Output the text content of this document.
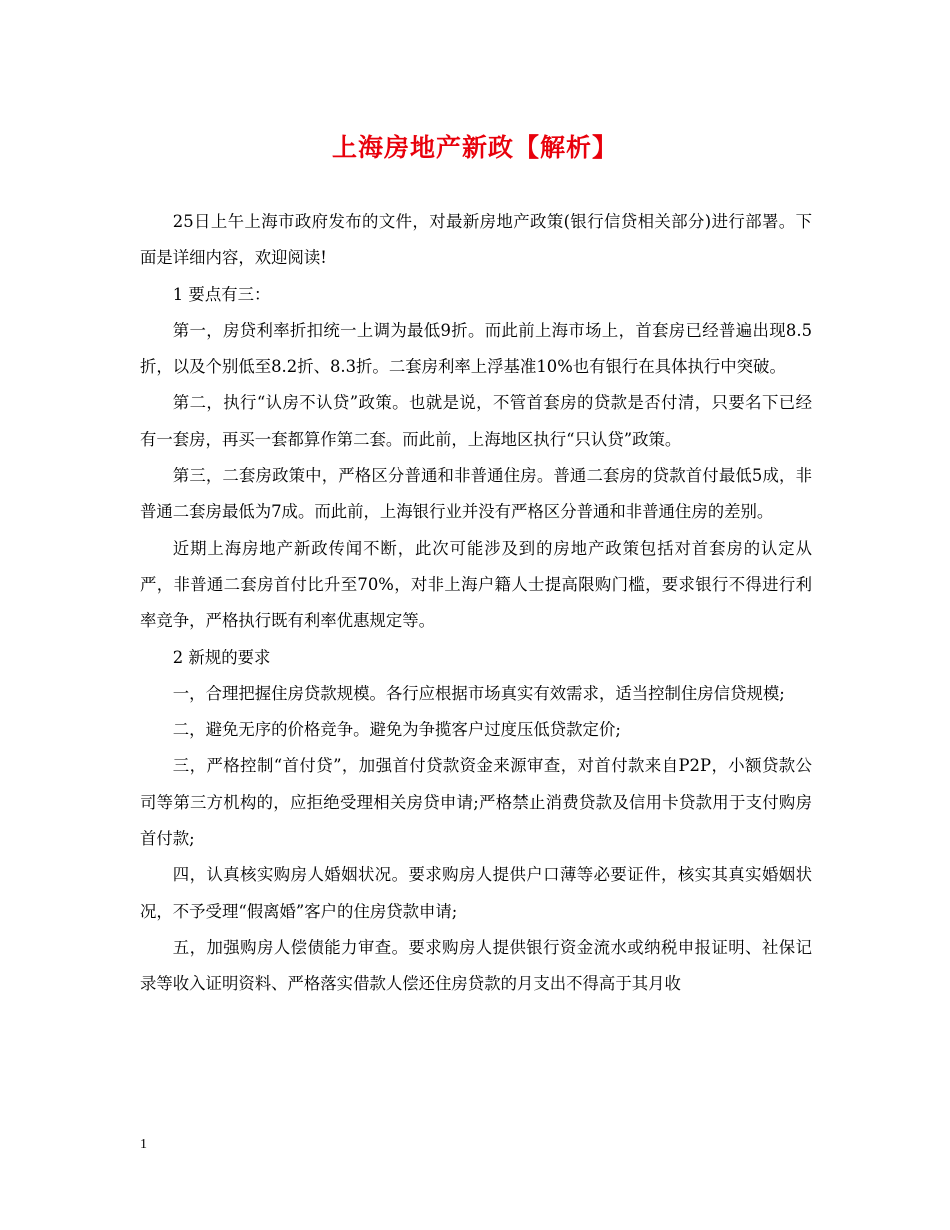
上海房地产新政【解析】

25日上午上海市政府发布的文件，对最新房地产政策(银行信贷相关部分)进行部署。下面是详细内容，欢迎阅读!

1 要点有三：

第一，房贷利率折扣统一上调为最低9折。而此前上海市场上，首套房已经普遍出现8.5折，以及个别低至8.2折、8.3折。二套房利率上浮基准10%也有银行在具体执行中突破。

第二，执行“认房不认贷”政策。也就是说，不管首套房的贷款是否付清，只要名下已经有一套房，再买一套都算作第二套。而此前，上海地区执行“只认贷”政策。

第三，二套房政策中，严格区分普通和非普通住房。普通二套房的贷款首付最低5成，非普通二套房最低为7成。而此前，上海银行业并没有严格区分普通和非普通住房的差别。

近期上海房地产新政传闻不断，此次可能涉及到的房地产政策包括对首套房的认定从严，非普通二套房首付比升至70%，对非上海户籍人士提高限购门槛，要求银行不得进行利率竞争，严格执行既有利率优惠规定等。

2 新规的要求

一，合理把握住房贷款规模。各行应根据市场真实有效需求，适当控制住房信贷规模;

二，避免无序的价格竞争。避免为争揽客户过度压低贷款定价;

三，严格控制“首付贷”，加强首付贷款资金来源审查，对首付款来自P2P，小额贷款公司等第三方机构的，应拒绝受理相关房贷申请;严格禁止消费贷款及信用卡贷款用于支付购房首付款;

四，认真核实购房人婚姻状况。要求购房人提供户口薄等必要证件，核实其真实婚姻状况，不予受理“假离婚”客户的住房贷款申请;

五，加强购房人偿债能力审查。要求购房人提供银行资金流水或纳税申报证明、社保记录等收入证明资料、严格落实借款人偿还住房贷款的月支出不得高于其月收

1
